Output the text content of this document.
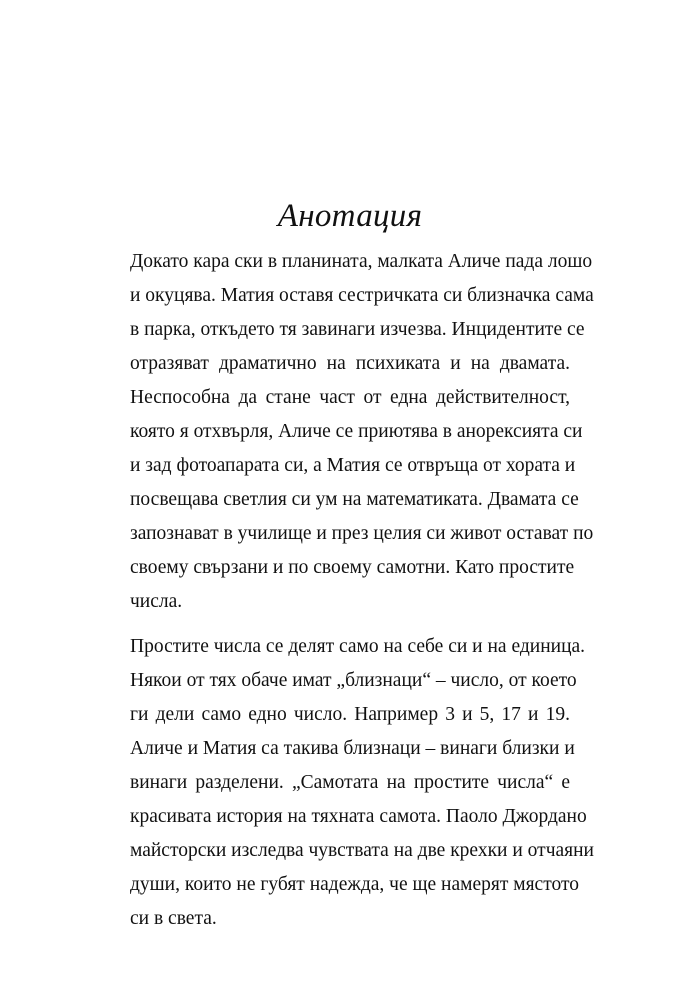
Анотация

Докато кара ски в планината, малката Аличе пада лошо

и окуцява. Матия оставя сестричката си близначка сама

в парка, откъдето тя завинаги изчезва. Инцидентите се

отразяват драматично на психиката и на двамата.

Неспособна да стане част от една действителност,

която я отхвърля, Аличе се приютява в анорексията си

и зад фотоапарата си, а Матия се отвръща от хората и

посвещава светлия си ум на математиката. Двамата се

запознават в училище и през целия си живот остават по

своему свързани и по своему самотни. Като простите

числа.

Простите числа се делят само на себе си и на единица.

Някои от тях обаче имат „близнаци“ – число, от което

ги дели само едно число. Например 3 и 5, 17 и 19.

Аличе и Матия са такива близнаци – винаги близки и

винаги разделени. „Самотата на простите числа“ е

красивата история на тяхната самота. Паоло Джордано

майсторски изследва чувствата на две крехки и отчаяни

души, които не губят надежда, че ще намерят мястото

си в света.
